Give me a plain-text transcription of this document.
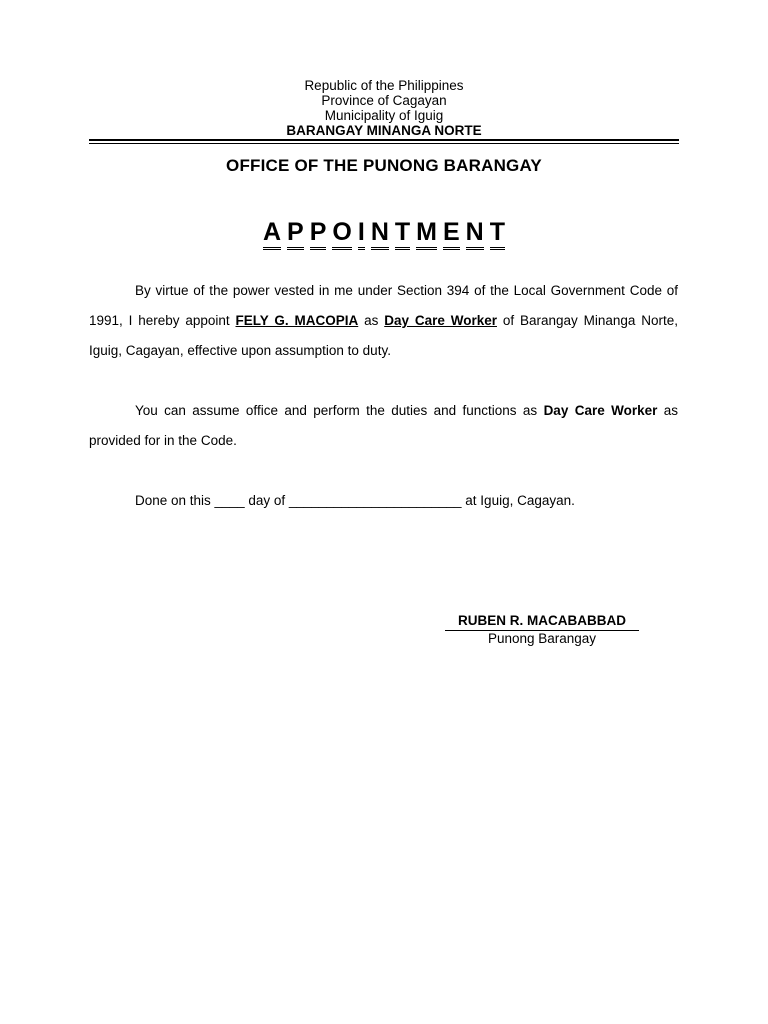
Republic of the Philippines
Province of Cagayan
Municipality of Iguig
BARANGAY MINANGA NORTE
OFFICE OF THE PUNONG BARANGAY
A P P O I N T M E N T
By virtue of the power vested in me under Section 394 of the Local Government Code of 1991, I hereby appoint FELY G. MACOPIA as Day Care Worker of Barangay Minanga Norte, Iguig, Cagayan, effective upon assumption to duty.
You can assume office and perform the duties and functions as Day Care Worker as provided for in the Code.
Done on this ____ day of _______________________ at Iguig, Cagayan.
RUBEN R. MACABABBAD
Punong Barangay
